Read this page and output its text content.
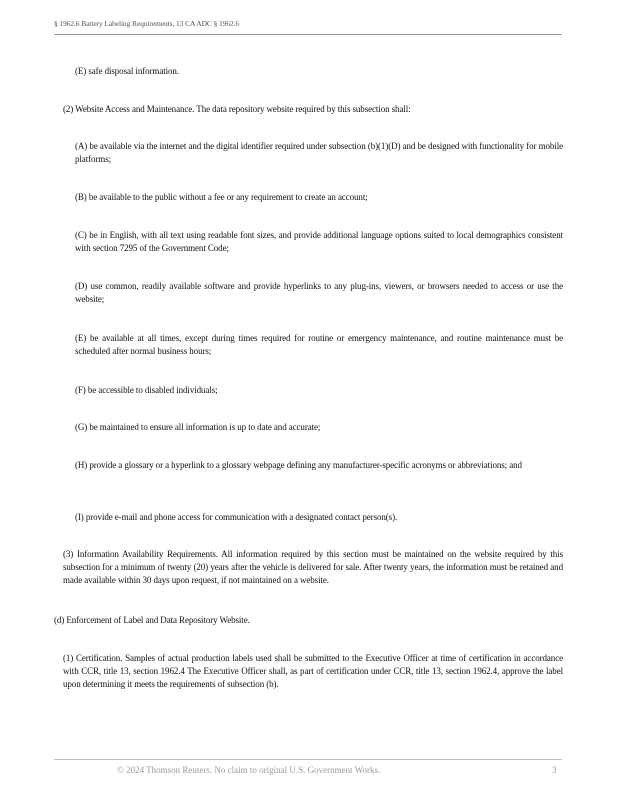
§ 1962.6 Battery Labeling Requirements, 13 CA ADC § 1962.6

(E) safe disposal information.

(2) Website Access and Maintenance. The data repository website required by this subsection shall:

(A) be available via the internet and the digital identifier required under subsection (b)(1)(D) and be designed with functionality for mobile platforms;

(B) be available to the public without a fee or any requirement to create an account;

(C) be in English, with all text using readable font sizes, and provide additional language options suited to local demographics consistent with section 7295 of the Government Code;

(D) use common, readily available software and provide hyperlinks to any plug-ins, viewers, or browsers needed to access or use the website;

(E) be available at all times, except during times required for routine or emergency maintenance, and routine maintenance must be scheduled after normal business hours;

(F) be accessible to disabled individuals;

(G) be maintained to ensure all information is up to date and accurate;

(H) provide a glossary or a hyperlink to a glossary webpage defining any manufacturer-specific acronyms or abbreviations; and

(I) provide e-mail and phone access for communication with a designated contact person(s).

(3) Information Availability Requirements. All information required by this section must be maintained on the website required by this subsection for a minimum of twenty (20) years after the vehicle is delivered for sale. After twenty years, the information must be retained and made available within 30 days upon request, if not maintained on a website.

(d) Enforcement of Label and Data Repository Website.

(1) Certification. Samples of actual production labels used shall be submitted to the Executive Officer at time of certification in accordance with CCR, title 13, section 1962.4 The Executive Officer shall, as part of certification under CCR, title 13, section 1962.4, approve the label upon determining it meets the requirements of subsection (b).

© 2024 Thomson Reuters. No claim to original U.S. Government Works.	3
